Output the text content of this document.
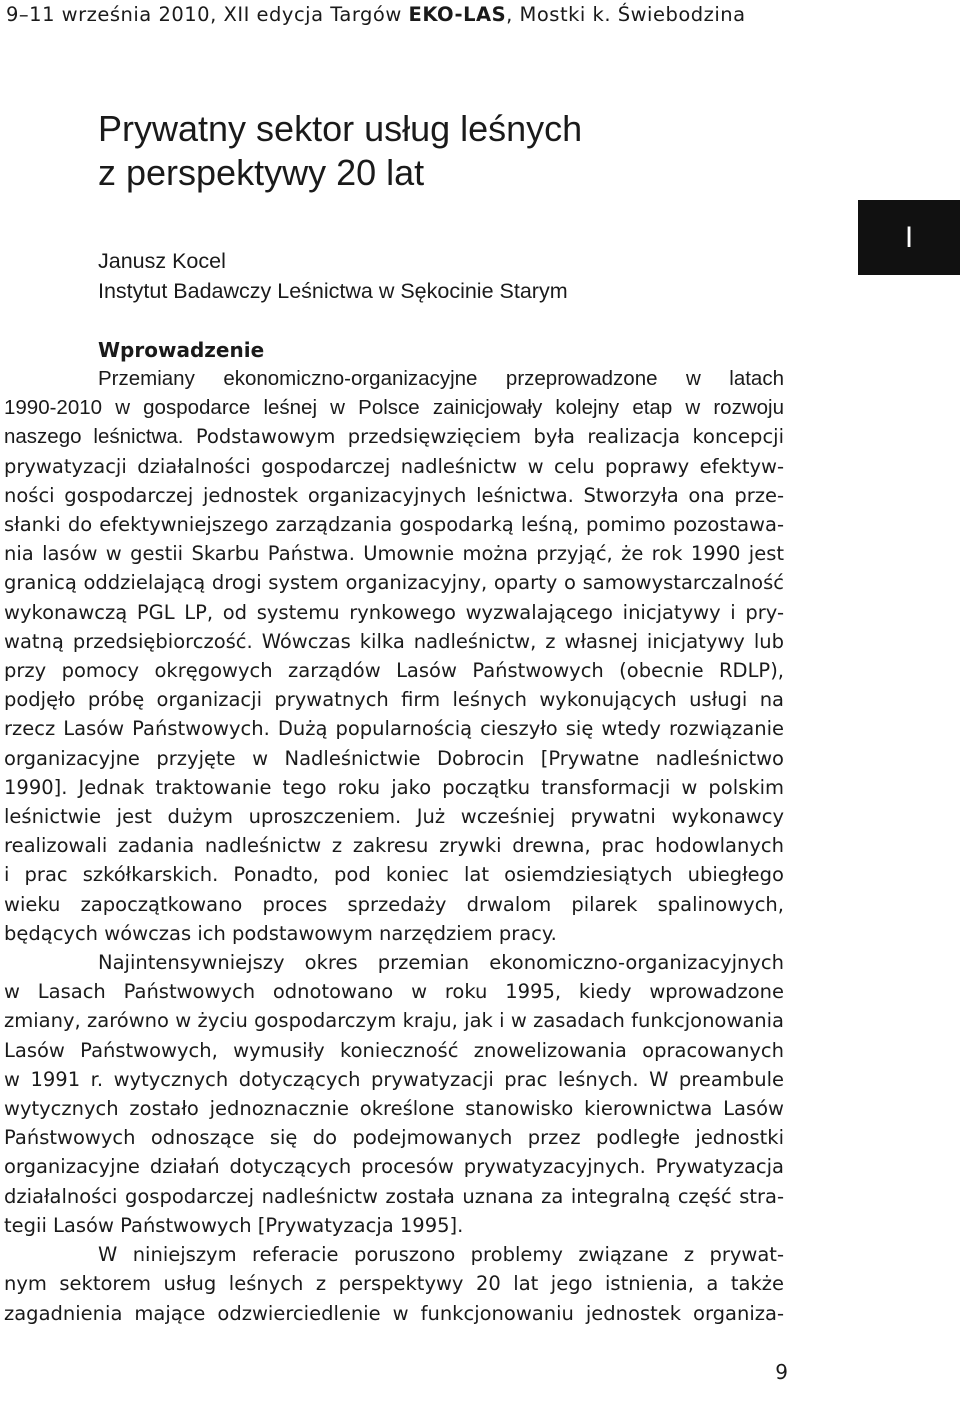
9–11 września 2010, XII edycja Targów EKO-LAS, Mostki k. Świebodzina
Prywatny sektor usług leśnych
z perspektywy 20 lat
Janusz Kocel
Instytut Badawczy Leśnictwa w Sękocinie Starym
Wprowadzenie
I

Przemiany ekonomiczno-organizacyjne przeprowadzone w latach
1990-2010 w gospodarce leśnej w Polsce zainicjowały kolejny etap w rozwoju
naszego leśnictwa. Podstawowym przedsięwzięciem była realizacja koncepcji
prywatyzacji działalności gospodarczej nadleśnictw w celu poprawy efektyw-
ności gospodarczej jednostek organizacyjnych leśnictwa. Stworzyła ona prze-
słanki do efektywniejszego zarządzania gospodarką leśną, pomimo pozostawa-
nia lasów w gestii Skarbu Państwa. Umownie można przyjąć, że rok 1990 jest
granicą oddzielającą drogi system organizacyjny, oparty o samowystarczalność
wykonawczą PGL LP, od systemu rynkowego wyzwalającego inicjatywy i pry-
watną przedsiębiorczość. Wówczas kilka nadleśnictw, z własnej inicjatywy lub
przy pomocy okręgowych zarządów Lasów Państwowych (obecnie RDLP),
podjęło próbę organizacji prywatnych firm leśnych wykonujących usługi na
rzecz Lasów Państwowych. Dużą popularnością cieszyło się wtedy rozwiązanie
organizacyjne przyjęte w Nadleśnictwie Dobrocin [Prywatne nadleśnictwo
1990]. Jednak traktowanie tego roku jako początku transformacji w polskim
leśnictwie jest dużym uproszczeniem. Już wcześniej prywatni wykonawcy
realizowali zadania nadleśnictw z zakresu zrywki drewna, prac hodowlanych
i prac szkółkarskich. Ponadto, pod koniec lat osiemdziesiątych ubiegłego
wieku zapoczątkowano proces sprzedaży drwalom pilarek spalinowych,
będących wówczas ich podstawowym narzędziem pracy.

Najintensywniejszy okres przemian ekonomiczno-organizacyjnych
w Lasach Państwowych odnotowano w roku 1995, kiedy wprowadzone
zmiany, zarówno w życiu gospodarczym kraju, jak i w zasadach funkcjonowania
Lasów Państwowych, wymusiły konieczność znowelizowania opracowanych
w 1991 r. wytycznych dotyczących prywatyzacji prac leśnych. W preambule
wytycznych zostało jednoznacznie określone stanowisko kierownictwa Lasów
Państwowych odnoszące się do podejmowanych przez podległe jednostki
organizacyjne działań dotyczących procesów prywatyzacyjnych. Prywatyzacja
działalności gospodarczej nadleśnictw została uznana za integralną część stra-
tegii Lasów Państwowych [Prywatyzacja 1995].

W niniejszym referacie poruszono problemy związane z prywat-
nym sektorem usług leśnych z perspektywy 20 lat jego istnienia, a także
zagadnienia mające odzwierciedlenie w funkcjonowaniu jednostek organiza-

9
